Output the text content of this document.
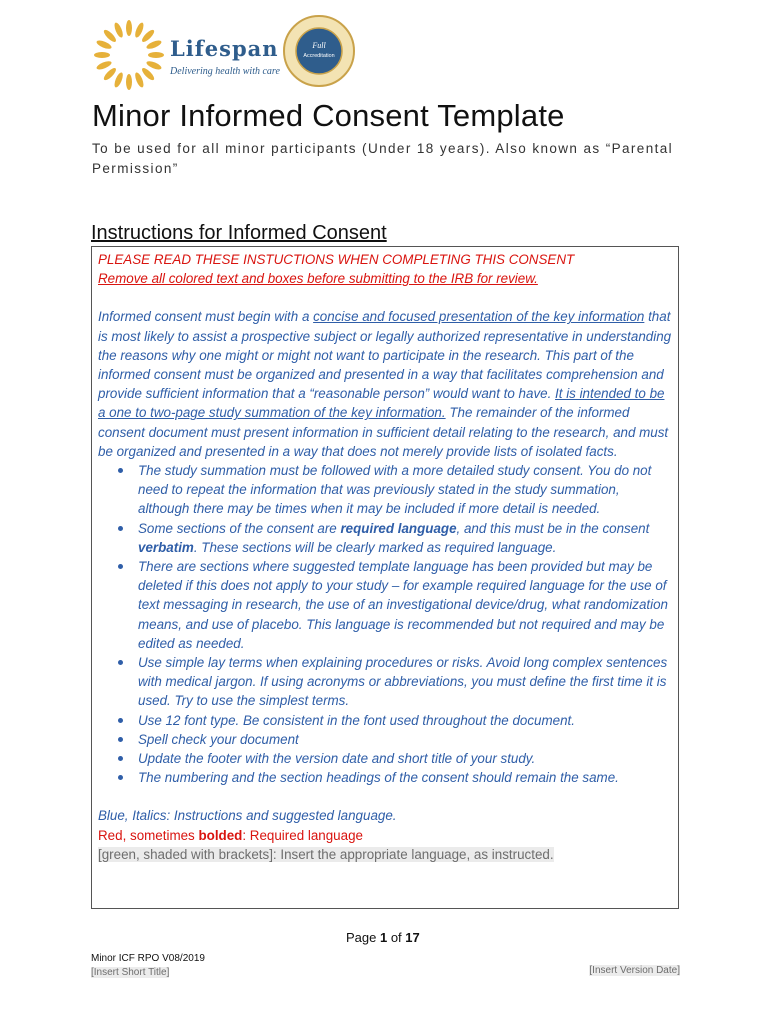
Lifespan
Delivering health with care
Full
Accreditation
Minor Informed Consent Template
To be used for all minor participants (Under 18 years). Also known as “Parental Permission”
Instructions for Informed Consent

PLEASE READ THESE INSTUCTIONS WHEN COMPLETING THIS CONSENT

Remove all colored text and boxes before submitting to the IRB for review.

Informed consent must begin with a concise and focused presentation of the key information that is most likely to assist a prospective subject or legally authorized representative in understanding the reasons why one might or might not want to participate in the research. This part of the informed consent must be organized and presented in a way that facilitates comprehension and provide sufficient information that a “reasonable person” would want to have. It is intended to be a one to two-page study summation of the key information. The remainder of the informed consent document must present information in sufficient detail relating to the research, and must be organized and presented in a way that does not merely provide lists of isolated facts.

The study summation must be followed with a more detailed study consent. You do not need to repeat the information that was previously stated in the study summation, although there may be times when it may be included if more detail is needed.
Some sections of the consent are required language, and this must be in the consent verbatim. These sections will be clearly marked as required language.
There are sections where suggested template language has been provided but may be deleted if this does not apply to your study – for example required language for the use of text messaging in research, the use of an investigational device/drug, what randomization means, and use of placebo. This language is recommended but not required and may be edited as needed.
Use simple lay terms when explaining procedures or risks. Avoid long complex sentences with medical jargon. If using acronyms or abbreviations, you must define the first time it is used. Try to use the simplest terms.
Use 12 font type. Be consistent in the font used throughout the document.
Spell check your document
Update the footer with the version date and short title of your study.
The numbering and the section headings of the consent should remain the same.

Blue, Italics: Instructions and suggested language.

Red, sometimes bolded: Required language

[green, shaded with brackets]: Insert the appropriate language, as instructed.

Page 1 of 17
Minor ICF RPO V08/2019
[Insert Short Title]	[Insert Version Date]
